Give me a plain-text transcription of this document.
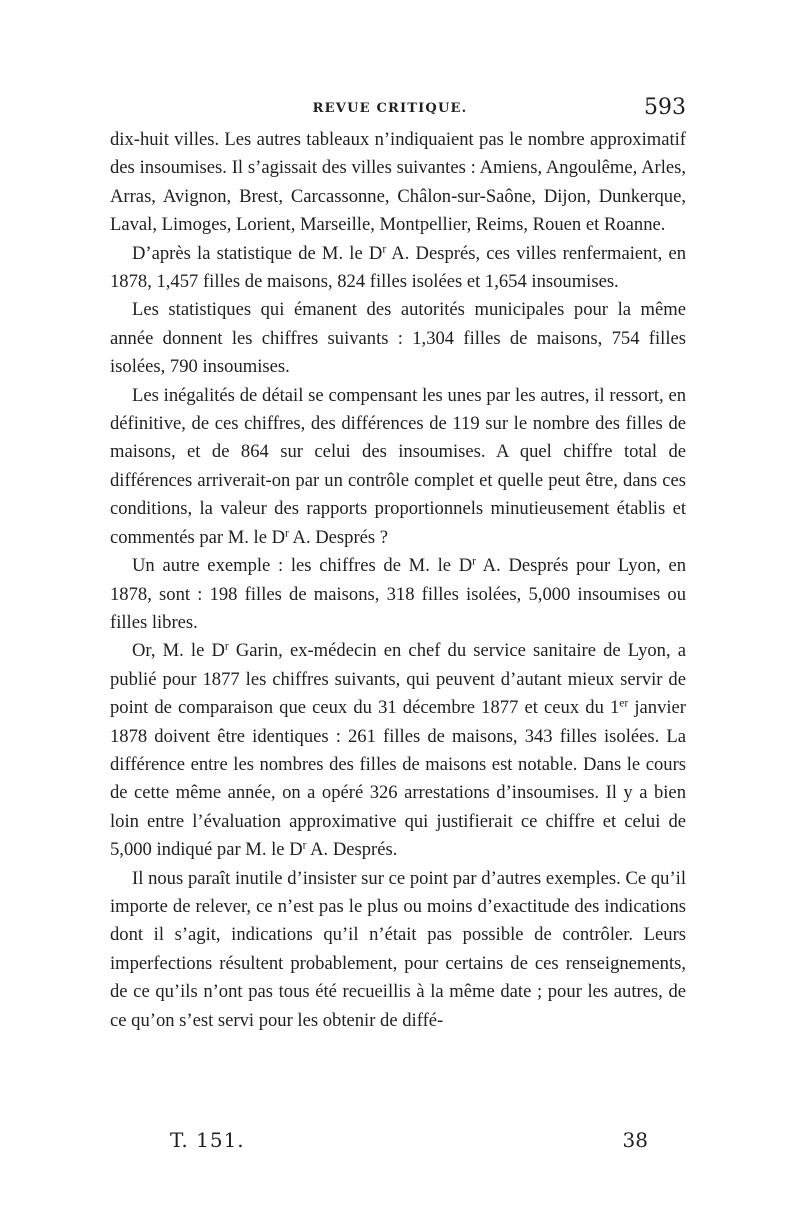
REVUE CRITIQUE.	593

dix-huit villes. Les autres tableaux n’indiquaient pas le nombre approximatif des insoumises. Il s’agissait des villes suivantes : Amiens, Angoulême, Arles, Arras, Avignon, Brest, Carcassonne, Châlon-sur-Saône, Dijon, Dunkerque, Laval, Limoges, Lorient, Marseille, Montpellier, Reims, Rouen et Roanne.

D’après la statistique de M. le $D^r$ A. Després, ces villes renfermaient, en 1878, 1,457 filles de maisons, 824 filles isolées et 1,654 insoumises.

Les statistiques qui émanent des autorités municipales pour la même année donnent les chiffres suivants : 1,304 filles de maisons, 754 filles isolées, 790 insoumises.

Les inégalités de détail se compensant les unes par les autres, il ressort, en définitive, de ces chiffres, des différences de 119 sur le nombre des filles de maisons, et de 864 sur celui des insoumises. A quel chiffre total de différences arriverait-on par un contrôle complet et quelle peut être, dans ces conditions, la valeur des rapports proportionnels minutieusement établis et commentés par M. le $D^r$ A. Després ?

Un autre exemple : les chiffres de M. le $D^r$ A. Després pour Lyon, en 1878, sont : 198 filles de maisons, 318 filles isolées, 5,000 insoumises ou filles libres.

Or, M. le $D^r$ Garin, ex-médecin en chef du service sanitaire de Lyon, a publié pour 1877 les chiffres suivants, qui peuvent d’autant mieux servir de point de comparaison que ceux du 31 décembre 1877 et ceux du 1er janvier 1878 doivent être identiques : 261 filles de maisons, 343 filles isolées. La différence entre les nombres des filles de maisons est notable. Dans le cours de cette même année, on a opéré 326 arrestations d’insoumises. Il y a bien loin entre l’évaluation approximative qui justifierait ce chiffre et celui de 5,000 indiqué par M. le $D^r$ A. Després.

Il nous paraît inutile d’insister sur ce point par d’autres exemples. Ce qu’il importe de relever, ce n’est pas le plus ou moins d’exactitude des indications dont il s’agit, indications qu’il n’était pas possible de contrôler. Leurs imperfections résultent probablement, pour certains de ces renseignements, de ce qu’ils n’ont pas tous été recueillis à la même date ; pour les autres, de ce qu’on s’est servi pour les obtenir de diffé-

T. 151.	38
